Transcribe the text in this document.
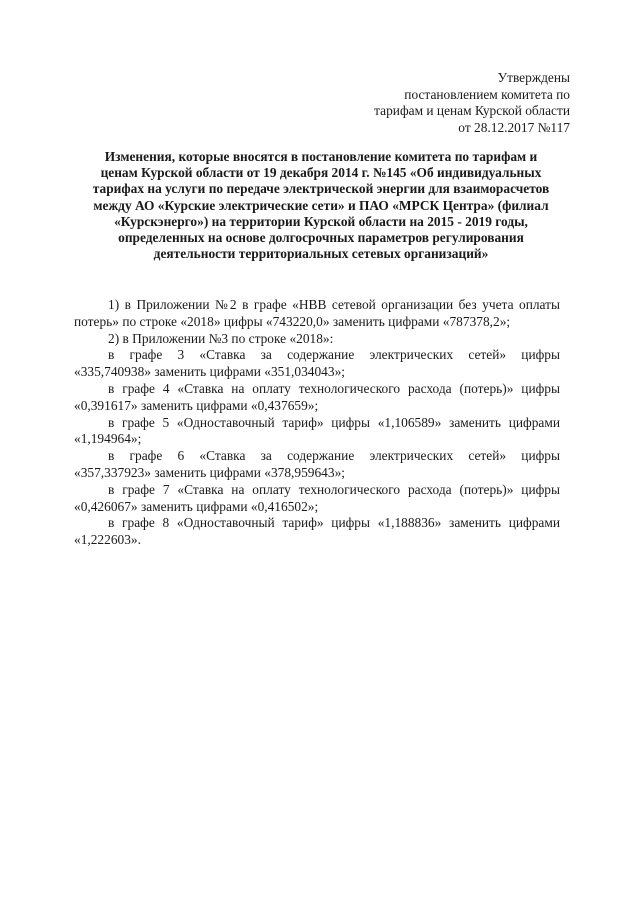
Утверждены
постановлением комитета по
тарифам и ценам Курской области
от 28.12.2017 №117
Изменения, которые вносятся в постановление комитета по тарифам и
ценам Курской области от 19 декабря 2014 г. №145 «Об индивидуальных
тарифах на услуги по передаче электрической энергии для взаиморасчетов
между АО «Курские электрические сети» и ПАО «МРСК Центра» (филиал
«Курскэнерго») на территории Курской области на 2015 - 2019 годы,
определенных на основе долгосрочных параметров регулирования
деятельности территориальных сетевых организаций»
1) в Приложении №2 в графе «НВВ сетевой организации без учета оплаты
потерь» по строке «2018» цифры «743220,0» заменить цифрами «787378,2»;
2) в Приложении №3 по строке «2018»:
в графе 3 «Ставка за содержание электрических сетей» цифры
«335,740938» заменить цифрами «351,034043»;
в графе 4 «Ставка на оплату технологического расхода (потерь)» цифры
«0,391617» заменить цифрами «0,437659»;
в графе 5 «Одноставочный тариф» цифры «1,106589» заменить цифрами
«1,194964»;
в графе 6 «Ставка за содержание электрических сетей» цифры
«357,337923» заменить цифрами «378,959643»;
в графе 7 «Ставка на оплату технологического расхода (потерь)» цифры
«0,426067» заменить цифрами «0,416502»;
в графе 8 «Одноставочный тариф» цифры «1,188836» заменить цифрами
«1,222603».
